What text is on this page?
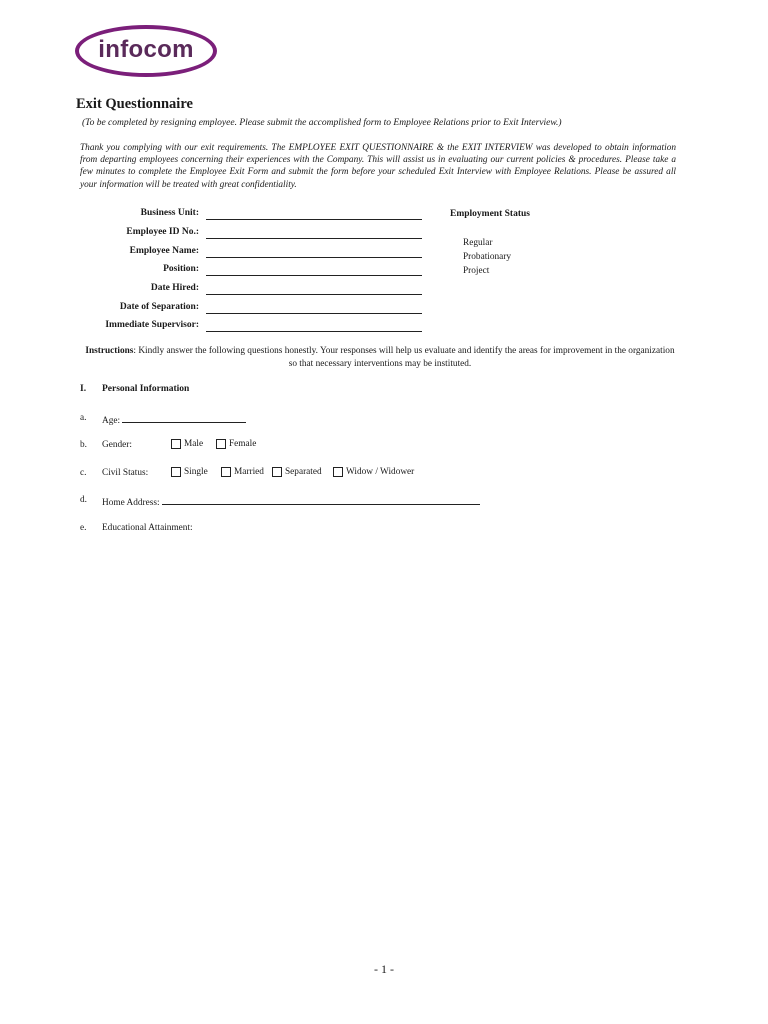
infocom
Exit Questionnaire
(To be completed by resigning employee. Please submit the accomplished form to Employee Relations prior to Exit Interview.)

Thank you complying with our exit requirements. The EMPLOYEE EXIT QUESTIONNAIRE & the EXIT INTERVIEW was developed to obtain information from departing employees concerning their experiences with the Company. This will assist us in evaluating our current policies & procedures. Please take a few minutes to complete the Employee Exit Form and submit the form before your scheduled Exit Interview with Employee Relations. Please be assured all your information will be treated with great confidentiality.

Business Unit:
Employee ID No.:
Employee Name:
Position:
Date Hired:
Date of Separation:
Immediate Supervisor:
Employment Status
Regular
Probationary
Project

Instructions: Kindly answer the following questions honestly. Your responses will help us evaluate and identify the areas for improvement in the organization so that necessary interventions may be instituted.

I. Personal Information
a. Age:
b. Gender:	Male	Female
c. Civil Status:	Single	Married Separated	Widow / Widower
d. Home Address:
e. Educational Attainment:
- 1 -
